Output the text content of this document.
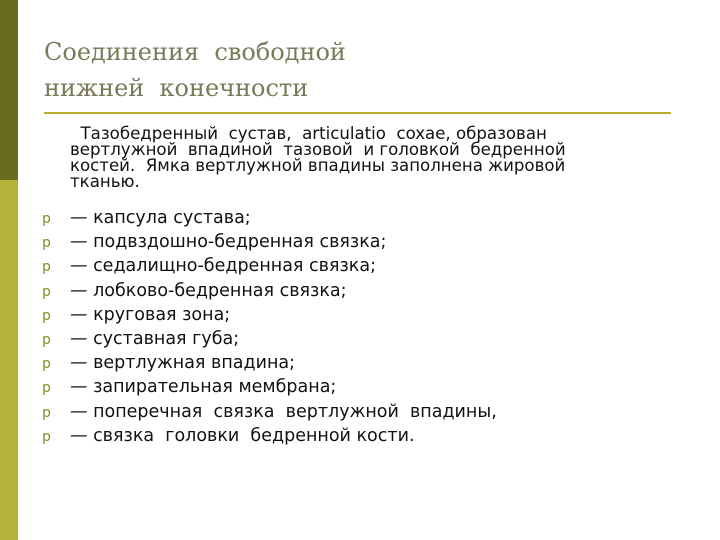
Соединения  свободной
нижней  конечности
Тазобедренный  сустав,  articulatio  coxae, образован
вертлужной  впадиной  тазовой  и головкой  бедренной
костей.  Ямка вертлужной впадины заполнена жировой
тканью.
p — капсула сустава;
p — подвздошно-бедренная связка;
p — седалищно-бедренная связка;
p — лобково-бедренная связка;
p — круговая зона;
p — суставная губа;
p — вертлужная впадина;
p — запирательная мембрана;
p — поперечная  связка  вертлужной  впадины,
p — связка  головки  бедренной кости.
